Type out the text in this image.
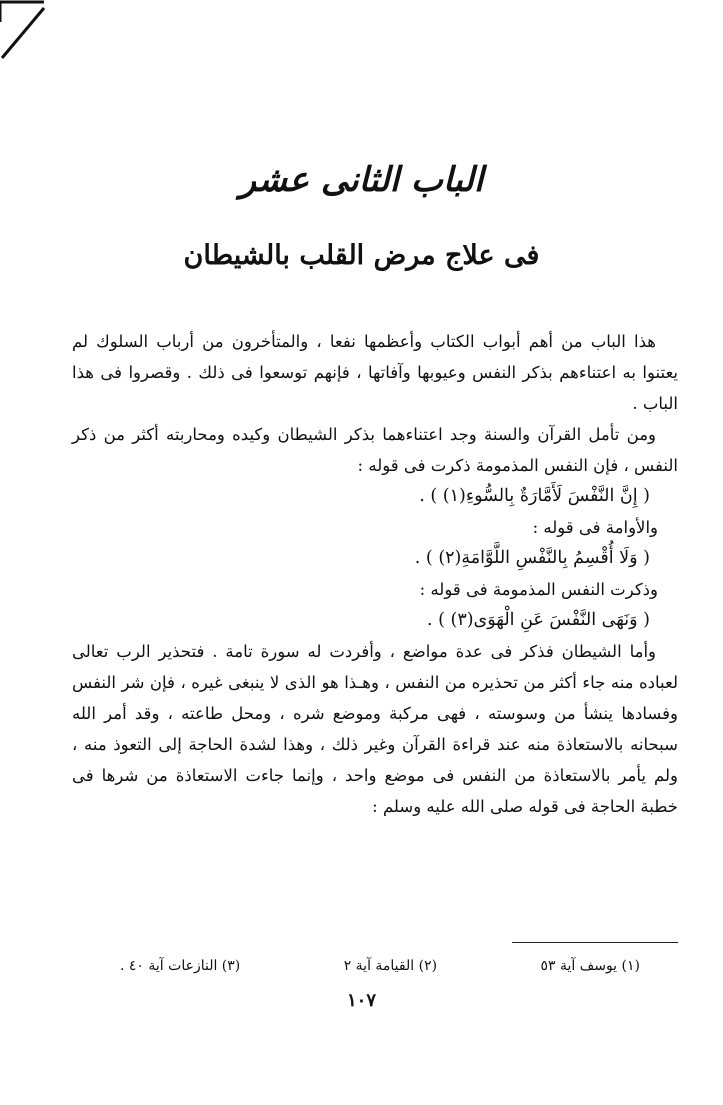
الباب الثانى عشر
فى علاج مرض القلب بالشيطان

هذا الباب من أهم أبواب الكتاب وأعظمها نفعا ، والمتأخرون من أرباب السلوك لم يعتنوا به اعتناءهم بذكر النفس وعيوبها وآفاتها ، فإنهم توسعوا فى ذلك . وقصروا فى هذا الباب .

ومن تأمل القرآن والسنة وجد اعتناءهما بذكر الشيطان وكيده ومحاربته أكثر من ذكر النفس ، فإن النفس المذمومة ذكرت فى قوله :

( إِنَّ النَّفْسَ لَأَمَّارَةٌ بِالسُّوءِ(١) ) .

والأوامة فى قوله :

( وَلَا أُقْسِمُ بِالنَّفْسِ اللَّوَّامَةِ(٢) ) .

وذكرت النفس المذمومة فى قوله :

( وَنَهَى النَّفْسَ عَنِ الْهَوَى(٣) ) .

وأما الشيطان فذكر فى عدة مواضع ، وأفردت له سورة تامة . فتحذير الرب تعالى لعباده منه جاء أكثر من تحذيره من النفس ، وهـذا هو الذى لا ينبغى غيره ، فإن شر النفس وفسادها ينشأ من وسوسته ، فهى مركبة وموضع شره ، ومحل طاعته ، وقد أمر الله سبحانه بالاستعاذة منه عند قراءة القرآن وغير ذلك ، وهذا لشدة الحاجة إلى التعوذ منه ، ولم يأمر بالاستعاذة من النفس فى موضع واحد ، وإنما جاءت الاستعاذة من شرها فى خطبة الحاجة فى قوله صلى الله عليه وسلم :

(١) يوسف آية ٥٣
(٢) القيامة آية ٢
(٣) النازعات آية ٤٠ .
١٠٧
